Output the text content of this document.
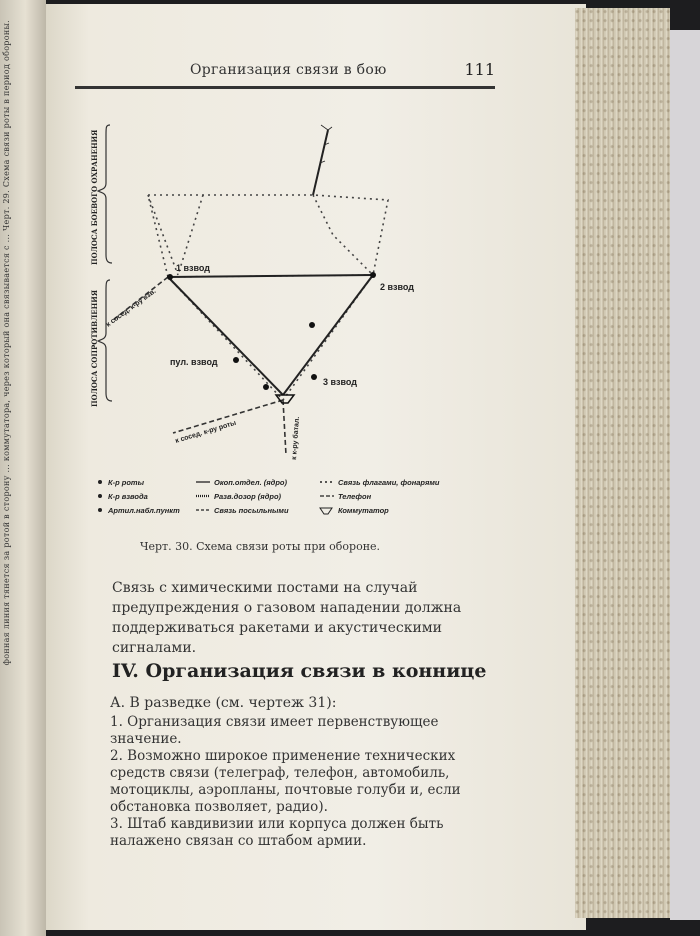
фонная линия тянется за ротой в сторону ... коммутатора, через который она связывается с ... Черт. 29. Схема связи роты в период обороны.	Организация связи в бою	111
ПОЛОСА БОЕВОГО ОХРАНЕНИЯ
ПОЛОСА СОПРОТИВЛЕНИЯ
1 взвод
2 взвод
3 взвод
пул. взвод
к сосед. к-ру взв.
к сосед. к-ру роты	к к-ру батал.
К-р роты
К-р взвода
Артил.набл.пункт
Окоп.отдел. (ядро)
Разв.дозор (ядро)
Связь посыльными
Связь флагами, фонарями
Телефон
Коммутатор
Черт. 30. Схема связи роты при обороне.
Связь с химическими постами на случай предупреждения о газовом нападении должна поддерживаться ракетами и акустическими сигналами.
IV. Организация связи в коннице
А. В разведке (см. чертеж 31):
1. Организация связи имеет первенствующее значение.
2. Возможно широкое применение технических средств связи (телеграф, телефон, автомобиль, мотоциклы, аэропланы, почтовые голуби и, если обстановка позволяет, радио).
3. Штаб кавдивизии или корпуса должен быть налажено связан со штабом армии.
